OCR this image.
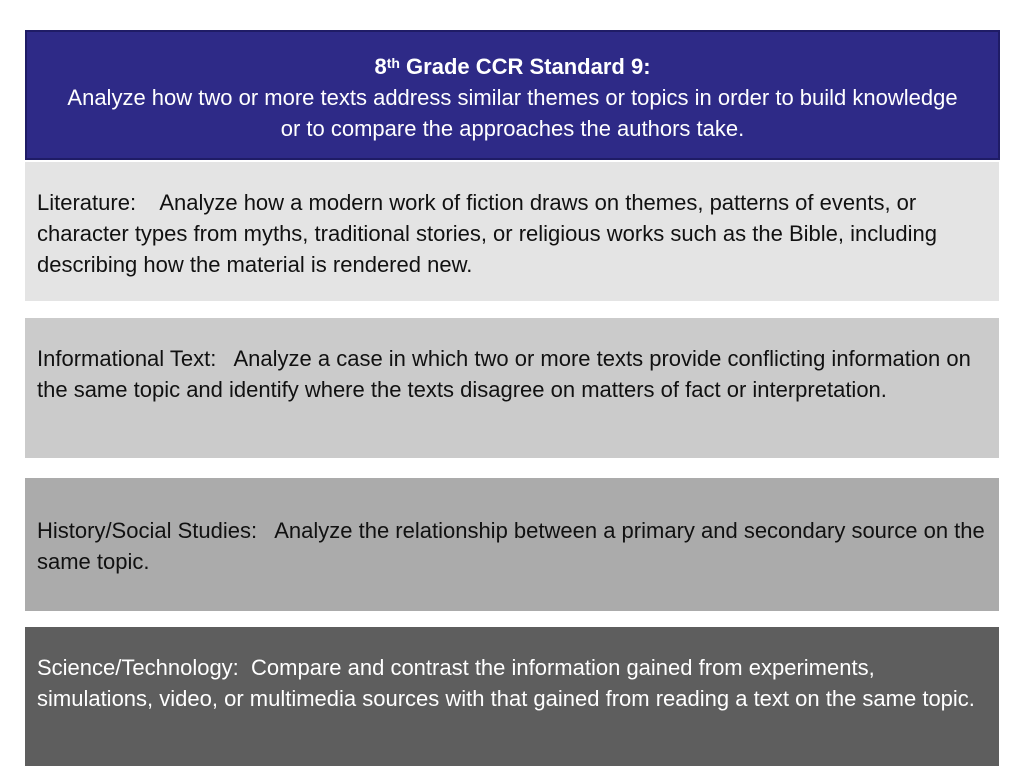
8th Grade CCR Standard 9:
Analyze how two or more texts address similar themes or topics in order to build knowledge or to compare the approaches the authors take.
Literature: Analyze how a modern work of fiction draws on themes, patterns of events, or character types from myths, traditional stories, or religious works such as the Bible, including describing how the material is rendered new.
Informational Text: Analyze a case in which two or more texts provide conflicting information on the same topic and identify where the texts disagree on matters of fact or interpretation.
History/Social Studies: Analyze the relationship between a primary and secondary source on the same topic.
Science/Technology: Compare and contrast the information gained from experiments, simulations, video, or multimedia sources with that gained from reading a text on the same topic.
